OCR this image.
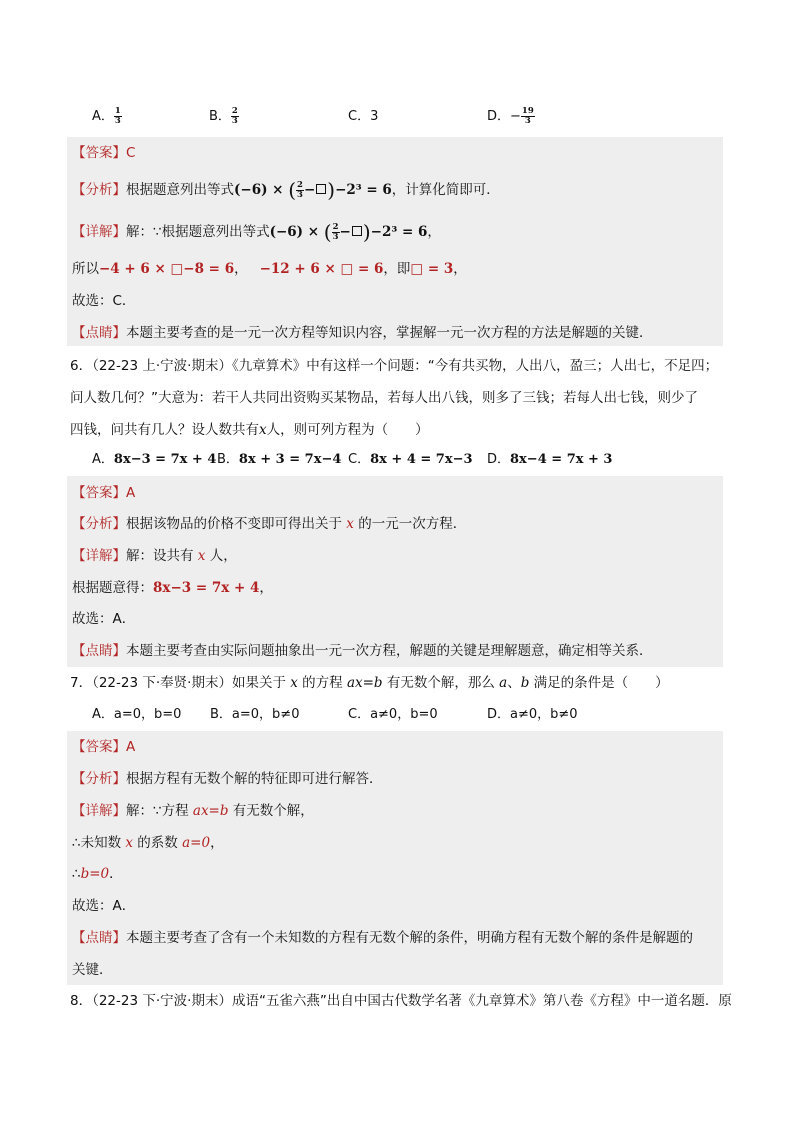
A． $\frac{1}{3}$	B． $\frac{2}{3}$	C．3	D．− $\frac{19}{3}$
【答案】C
【分析】根据题意列出等式(−6) × ( $\frac{2}{3} - )-2^3 = 6$，计算化简即可．
【详解】解：∵根据题意列出等式(−6) × ( $\frac{2}{3} - )-2^3 = 6$，
所以−4 + 6 × □−8 = 6， −12 + 6 × □ = 6，即□ = 3，
故选：C．
【点睛】本题主要考查的是一元一次方程等知识内容，掌握解一元一次方程的方法是解题的关键．
6．（22-23 上·宁波·期末）《九章算术》中有这样一个问题：“今有共买物，人出八，盈三；人出七，不足四；
问人数几何？”大意为：若干人共同出资购买某物品，若每人出八钱，则多了三钱；若每人出七钱，则少了
四钱，问共有几人？设人数共有x人，则可列方程为（　　）
A．8x−3 = 7x + 4 B．8x + 3 = 7x−4 C．8x + 4 = 7x−3 D．8x−4 = 7x + 3
【答案】A
【分析】根据该物品的价格不变即可得出关于 x 的一元一次方程．
【详解】解：设共有 x 人，
根据题意得：8x−3 = 7x + 4，
故选：A．
【点睛】本题主要考查由实际问题抽象出一元一次方程，解题的关键是理解题意，确定相等关系．
7．（22-23 下·奉贤·期末）如果关于 x 的方程 ax=b 有无数个解，那么 a、b 满足的条件是（　　）
A．a=0，b=0 B．a=0，b≠0	C．a≠0，b=0	D．a≠0，b≠0
【答案】A
【分析】根据方程有无数个解的特征即可进行解答．
【详解】解：∵方程 ax=b 有无数个解，
∴未知数 x 的系数 a=0，
∴b=0．
故选：A．
【点睛】本题主要考查了含有一个未知数的方程有无数个解的条件，明确方程有无数个解的条件是解题的
关键．
8．（22-23 下·宁波·期末）成语“五雀六燕”出自中国古代数学名著《九章算术》第八卷《方程》中一道名题．原
